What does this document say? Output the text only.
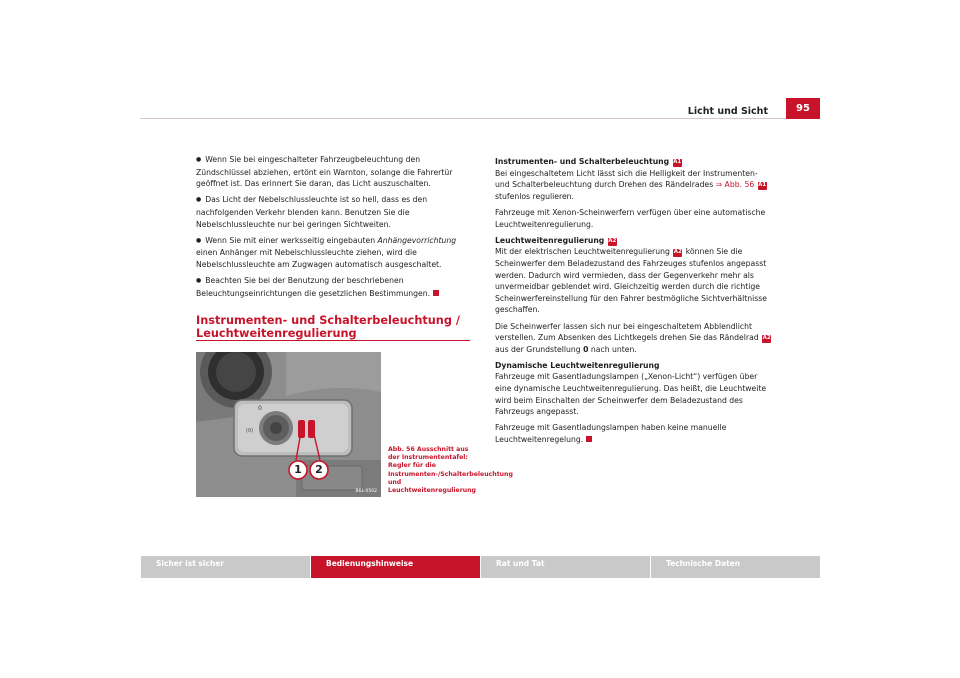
Licht und Sicht	95

● Wenn Sie bei eingeschalteter Fahrzeugbeleuchtung den Zündschlüssel abziehen, ertönt ein Warnton, solange die Fahrertür geöffnet ist. Das erinnert Sie daran, das Licht auszuschalten.

● Das Licht der Nebelschlussleuchte ist so hell, dass es den nachfolgenden Verkehr blenden kann. Benutzen Sie die Nebelschlussleuchte nur bei geringen Sichtweiten.

● Wenn Sie mit einer werksseitig eingebauten Anhängevorrichtung einen Anhänger mit Nebelschlussleuchte ziehen, wird die Nebelschlussleuchte am Zugwagen automatisch ausgeschaltet.

● Beachten Sie bei der Benutzung der beschriebenen Beleuchtungseinrichtungen die gesetzlichen Bestimmungen.

Instrumenten- und Schalterbeleuchtung / Leuchtweitenregulierung
0
(0)
1 2
B6L-0502
Abb. 56 Ausschnitt aus der Instrumententafel: Regler für die Instrumenten-/Schalterbeleuchtung und Leuchtweitenregulierung

Instrumenten- und Schalterbeleuchtung A1

Bei eingeschaltetem Licht lässt sich die Helligkeit der Instrumenten- und Schalterbeleuchtung durch Drehen des Rändelrades ⇒ Abb. 56 A1 stufenlos regulieren.

Fahrzeuge mit Xenon-Scheinwerfern verfügen über eine automatische Leuchtweitenregulierung.

Leuchtweitenregulierung A2

Mit der elektrischen Leuchtweitenregulierung A2 können Sie die Scheinwerfer dem Beladezustand des Fahrzeuges stufenlos angepasst werden. Dadurch wird vermieden, dass der Gegenverkehr mehr als unvermeidbar geblendet wird. Gleichzeitig werden durch die richtige Scheinwerfereinstellung für den Fahrer bestmögliche Sichtverhältnisse geschaffen.

Die Scheinwerfer lassen sich nur bei eingeschaltetem Abblendlicht verstellen. Zum Absenken des Lichtkegels drehen Sie das Rändelrad A2 aus der Grundstellung 0 nach unten.

Dynamische Leuchtweitenregulierung

Fahrzeuge mit Gasentladungslampen („Xenon-Licht“) verfügen über eine dynamische Leuchtweitenregulierung. Das heißt, die Leuchtweite wird beim Einschalten der Scheinwerfer dem Beladezustand des Fahrzeugs angepasst.

Fahrzeuge mit Gasentladungslampen haben keine manuelle Leuchtweitenregelung.

Sicher ist sicher	Bedienungshinweise	Rat und Tat	Technische Daten
